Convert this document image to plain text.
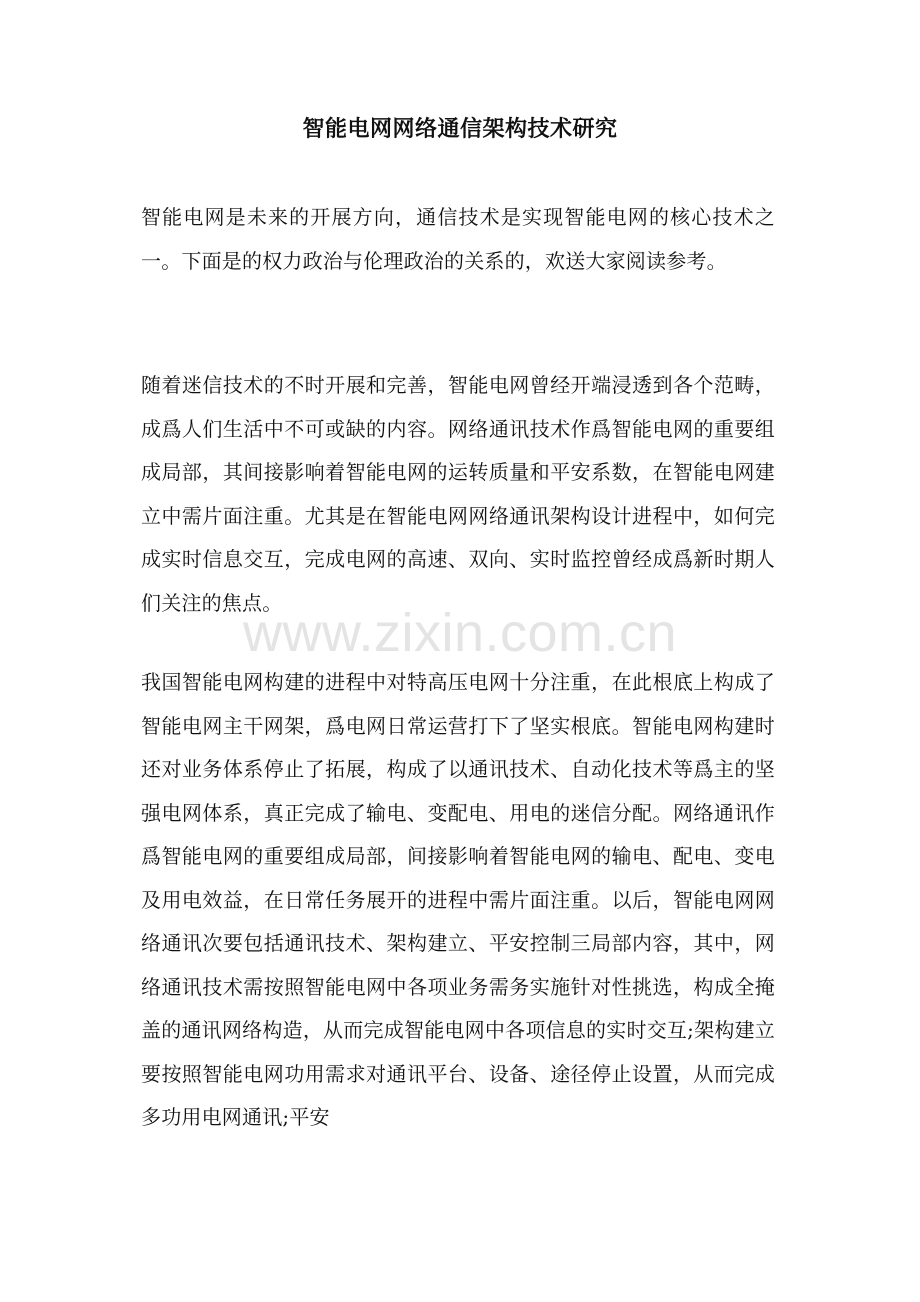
智能电网网络通信架构技术研究

智能电网是未来的开展方向，通信技术是实现智能电网的核心技术之一。下面是的权力政治与伦理政治的关系的，欢送大家阅读参考。

随着迷信技术的不时开展和完善，智能电网曾经开端浸透到各个范畴，成爲人们生活中不可或缺的内容。网络通讯技术作爲智能电网的重要组成局部，其间接影响着智能电网的运转质量和平安系数，在智能电网建立中需片面注重。尤其是在智能电网网络通讯架构设计进程中，如何完成实时信息交互，完成电网的高速、双向、实时监控曾经成爲新时期人们关注的焦点。

我国智能电网构建的进程中对特高压电网十分注重，在此根底上构成了智能电网主干网架，爲电网日常运营打下了坚实根底。智能电网构建时还对业务体系停止了拓展，构成了以通讯技术、自动化技术等爲主的坚强电网体系，真正完成了输电、变配电、用电的迷信分配。网络通讯作爲智能电网的重要组成局部，间接影响着智能电网的输电、配电、变电及用电效益，在日常任务展开的进程中需片面注重。以后，智能电网网络通讯次要包括通讯技术、架构建立、平安控制三局部内容，其中，网络通讯技术需按照智能电网中各项业务需务实施针对性挑选，构成全掩盖的通讯网络构造，从而完成智能电网中各项信息的实时交互;架构建立要按照智能电网功用需求对通讯平台、设备、途径停止设置，从而完成多功用电网通讯;平安

www.zixin.com.cn
